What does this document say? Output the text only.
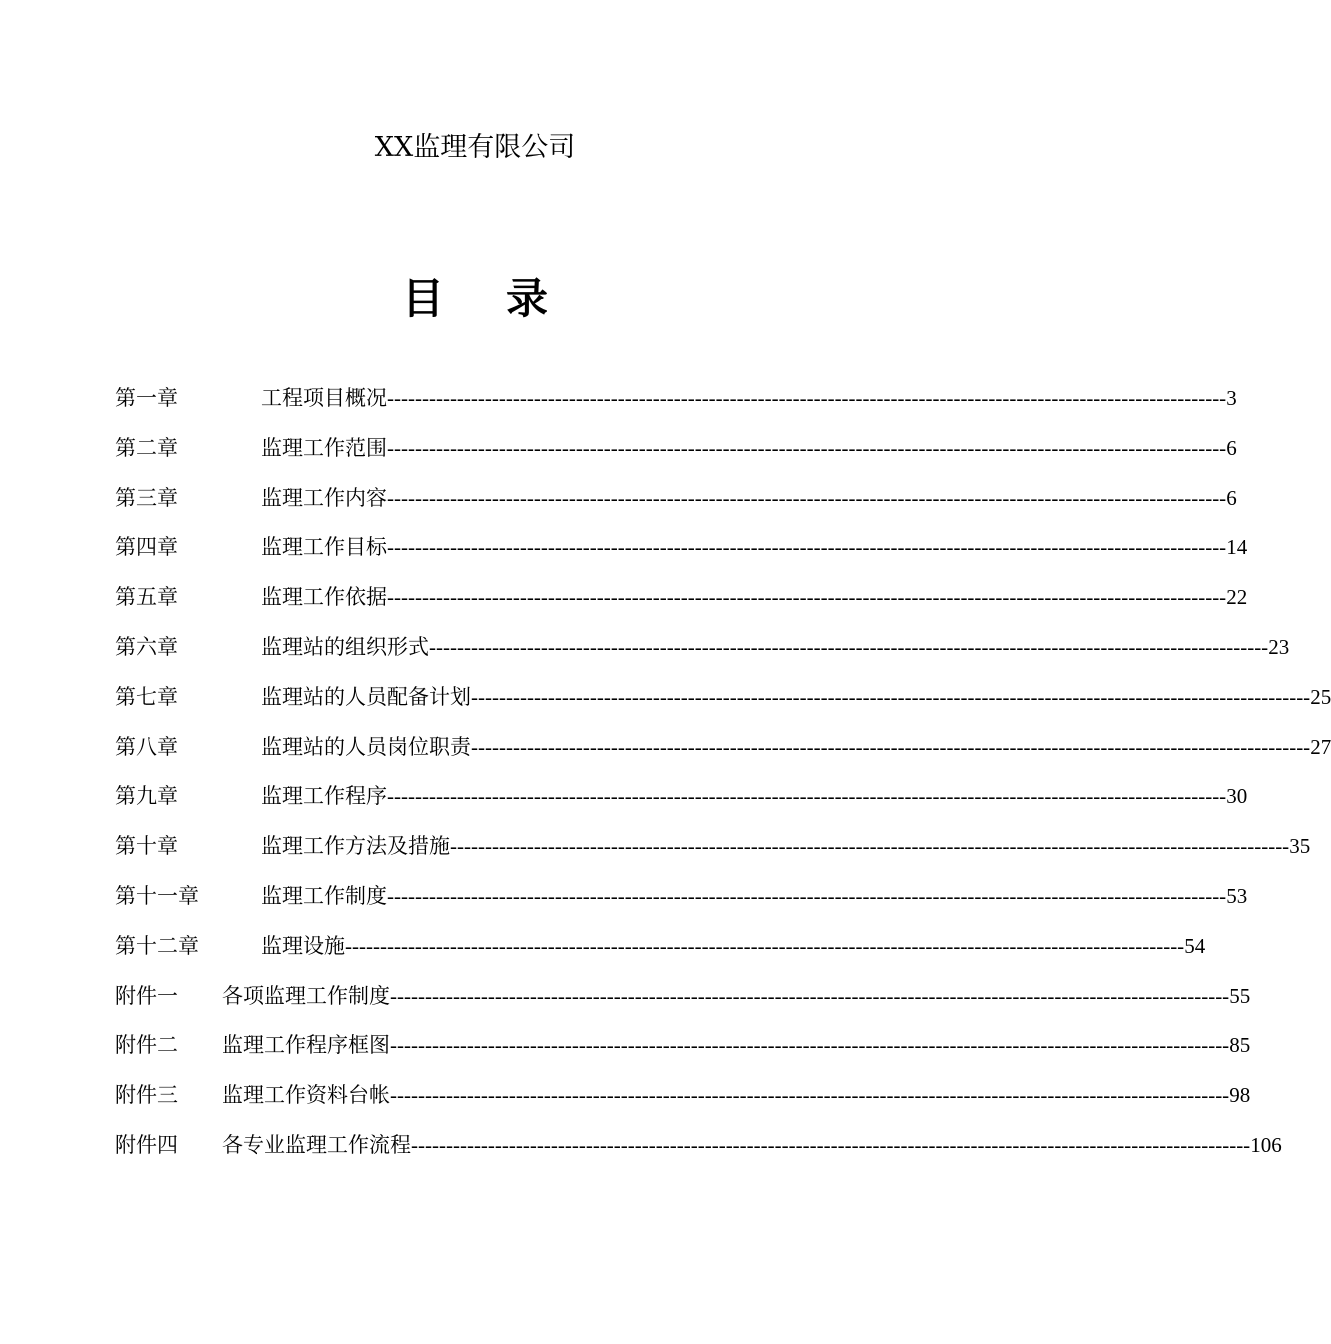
XX监理有限公司
目 录
第一章	工程项目概况 ------------------------------------------------------------------------------------------------------------------------ 3
第二章	监理工作范围 ------------------------------------------------------------------------------------------------------------------------ 6
第三章	监理工作内容 ------------------------------------------------------------------------------------------------------------------------ 6
第四章	监理工作目标 ------------------------------------------------------------------------------------------------------------------------ 14
第五章	监理工作依据 ------------------------------------------------------------------------------------------------------------------------ 22
第六章	监理站的组织形式 ------------------------------------------------------------------------------------------------------------------------ 23
第七章	监理站的人员配备计划 ------------------------------------------------------------------------------------------------------------------------ 25
第八章	监理站的人员岗位职责 ------------------------------------------------------------------------------------------------------------------------ 27
第九章	监理工作程序 ------------------------------------------------------------------------------------------------------------------------ 30
第十章	监理工作方法及措施 ------------------------------------------------------------------------------------------------------------------------ 35
第十一章	监理工作制度 ------------------------------------------------------------------------------------------------------------------------ 53
第十二章	监理设施 ------------------------------------------------------------------------------------------------------------------------ 54
附件一 各项监理工作制度 ------------------------------------------------------------------------------------------------------------------------ 55
附件二 监理工作程序框图 ------------------------------------------------------------------------------------------------------------------------ 85
附件三 监理工作资料台帐 ------------------------------------------------------------------------------------------------------------------------ 98
附件四 各专业监理工作流程 ------------------------------------------------------------------------------------------------------------------------ 106
